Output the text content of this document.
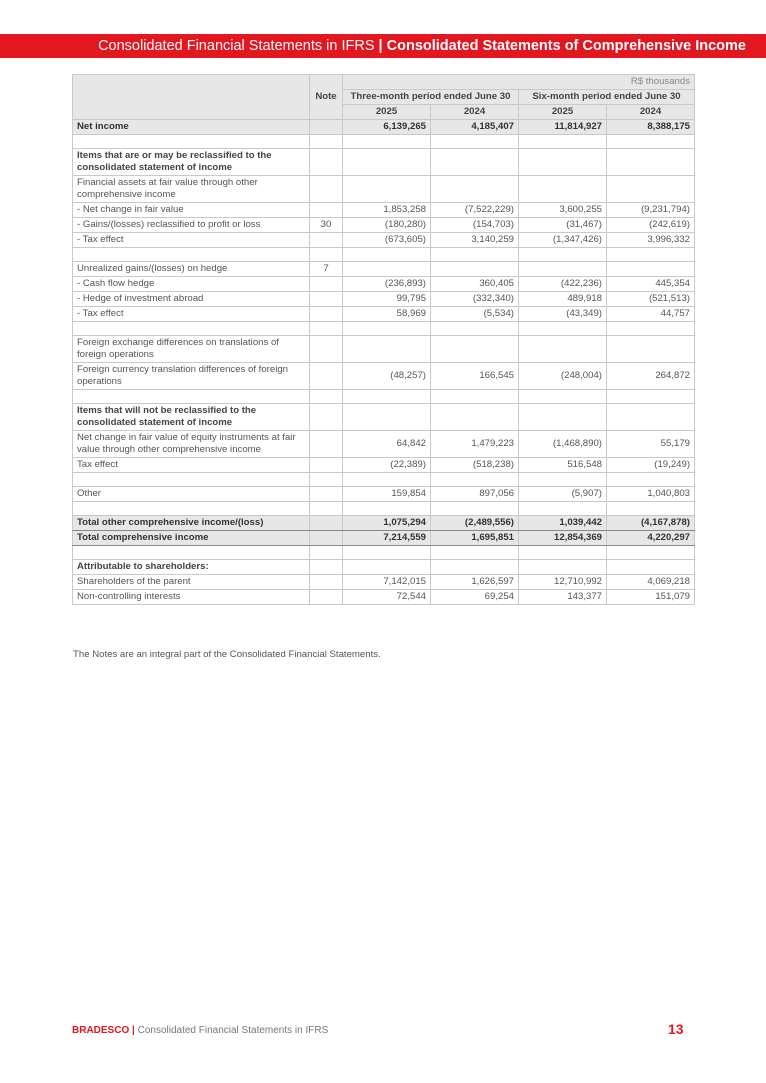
Consolidated Financial Statements in IFRS | Consolidated Statements of Comprehensive Income
	Note	R$ thousands			
		Three-month period ended June 30		Six-month period ended June 30	
		2025	2024	2025	2024
Net income		6,139,265	4,185,407	11,814,927	8,388,175

Items that are or may be reclassified to the consolidated statement of income					
Financial assets at fair value through other comprehensive income					
- Net change in fair value		1,853,258	(7,522,229)	3,600,255	(9,231,794)
- Gains/(losses) reclassified to profit or loss	30	(180,280)	(154,703)	(31,467)	(242,619)
- Tax effect		(673,605)	3,140,259	(1,347,426)	3,996,332

Unrealized gains/(losses) on hedge	7				
- Cash flow hedge		(236,893)	360,405	(422,236)	445,354
- Hedge of investment abroad		99,795	(332,340)	489,918	(521,513)
- Tax effect		58,969	(5,534)	(43,349)	44,757

Foreign exchange differences on translations of foreign operations					
Foreign currency translation differences of foreign operations		(48,257)	166,545	(248,004)	264,872

Items that will not be reclassified to the consolidated statement of income					
Net change in fair value of equity instruments at fair value through other comprehensive income		64,842	1,479,223	(1,468,890)	55,179
Tax effect		(22,389)	(518,238)	516,548	(19,249)

Other		159,854	897,056	(5,907)	1,040,803

Total other comprehensive income/(loss)		1,075,294	(2,489,556)	1,039,442	(4,167,878)
Total comprehensive income		7,214,559	1,695,851	12,854,369	4,220,297

Attributable to shareholders:					
Shareholders of the parent		7,142,015	1,626,597	12,710,992	4,069,218
Non-controlling interests		72,544	69,254	143,377	151,079
The Notes are an integral part of the Consolidated Financial Statements.
BRADESCO | Consolidated Financial Statements in IFRS	13
